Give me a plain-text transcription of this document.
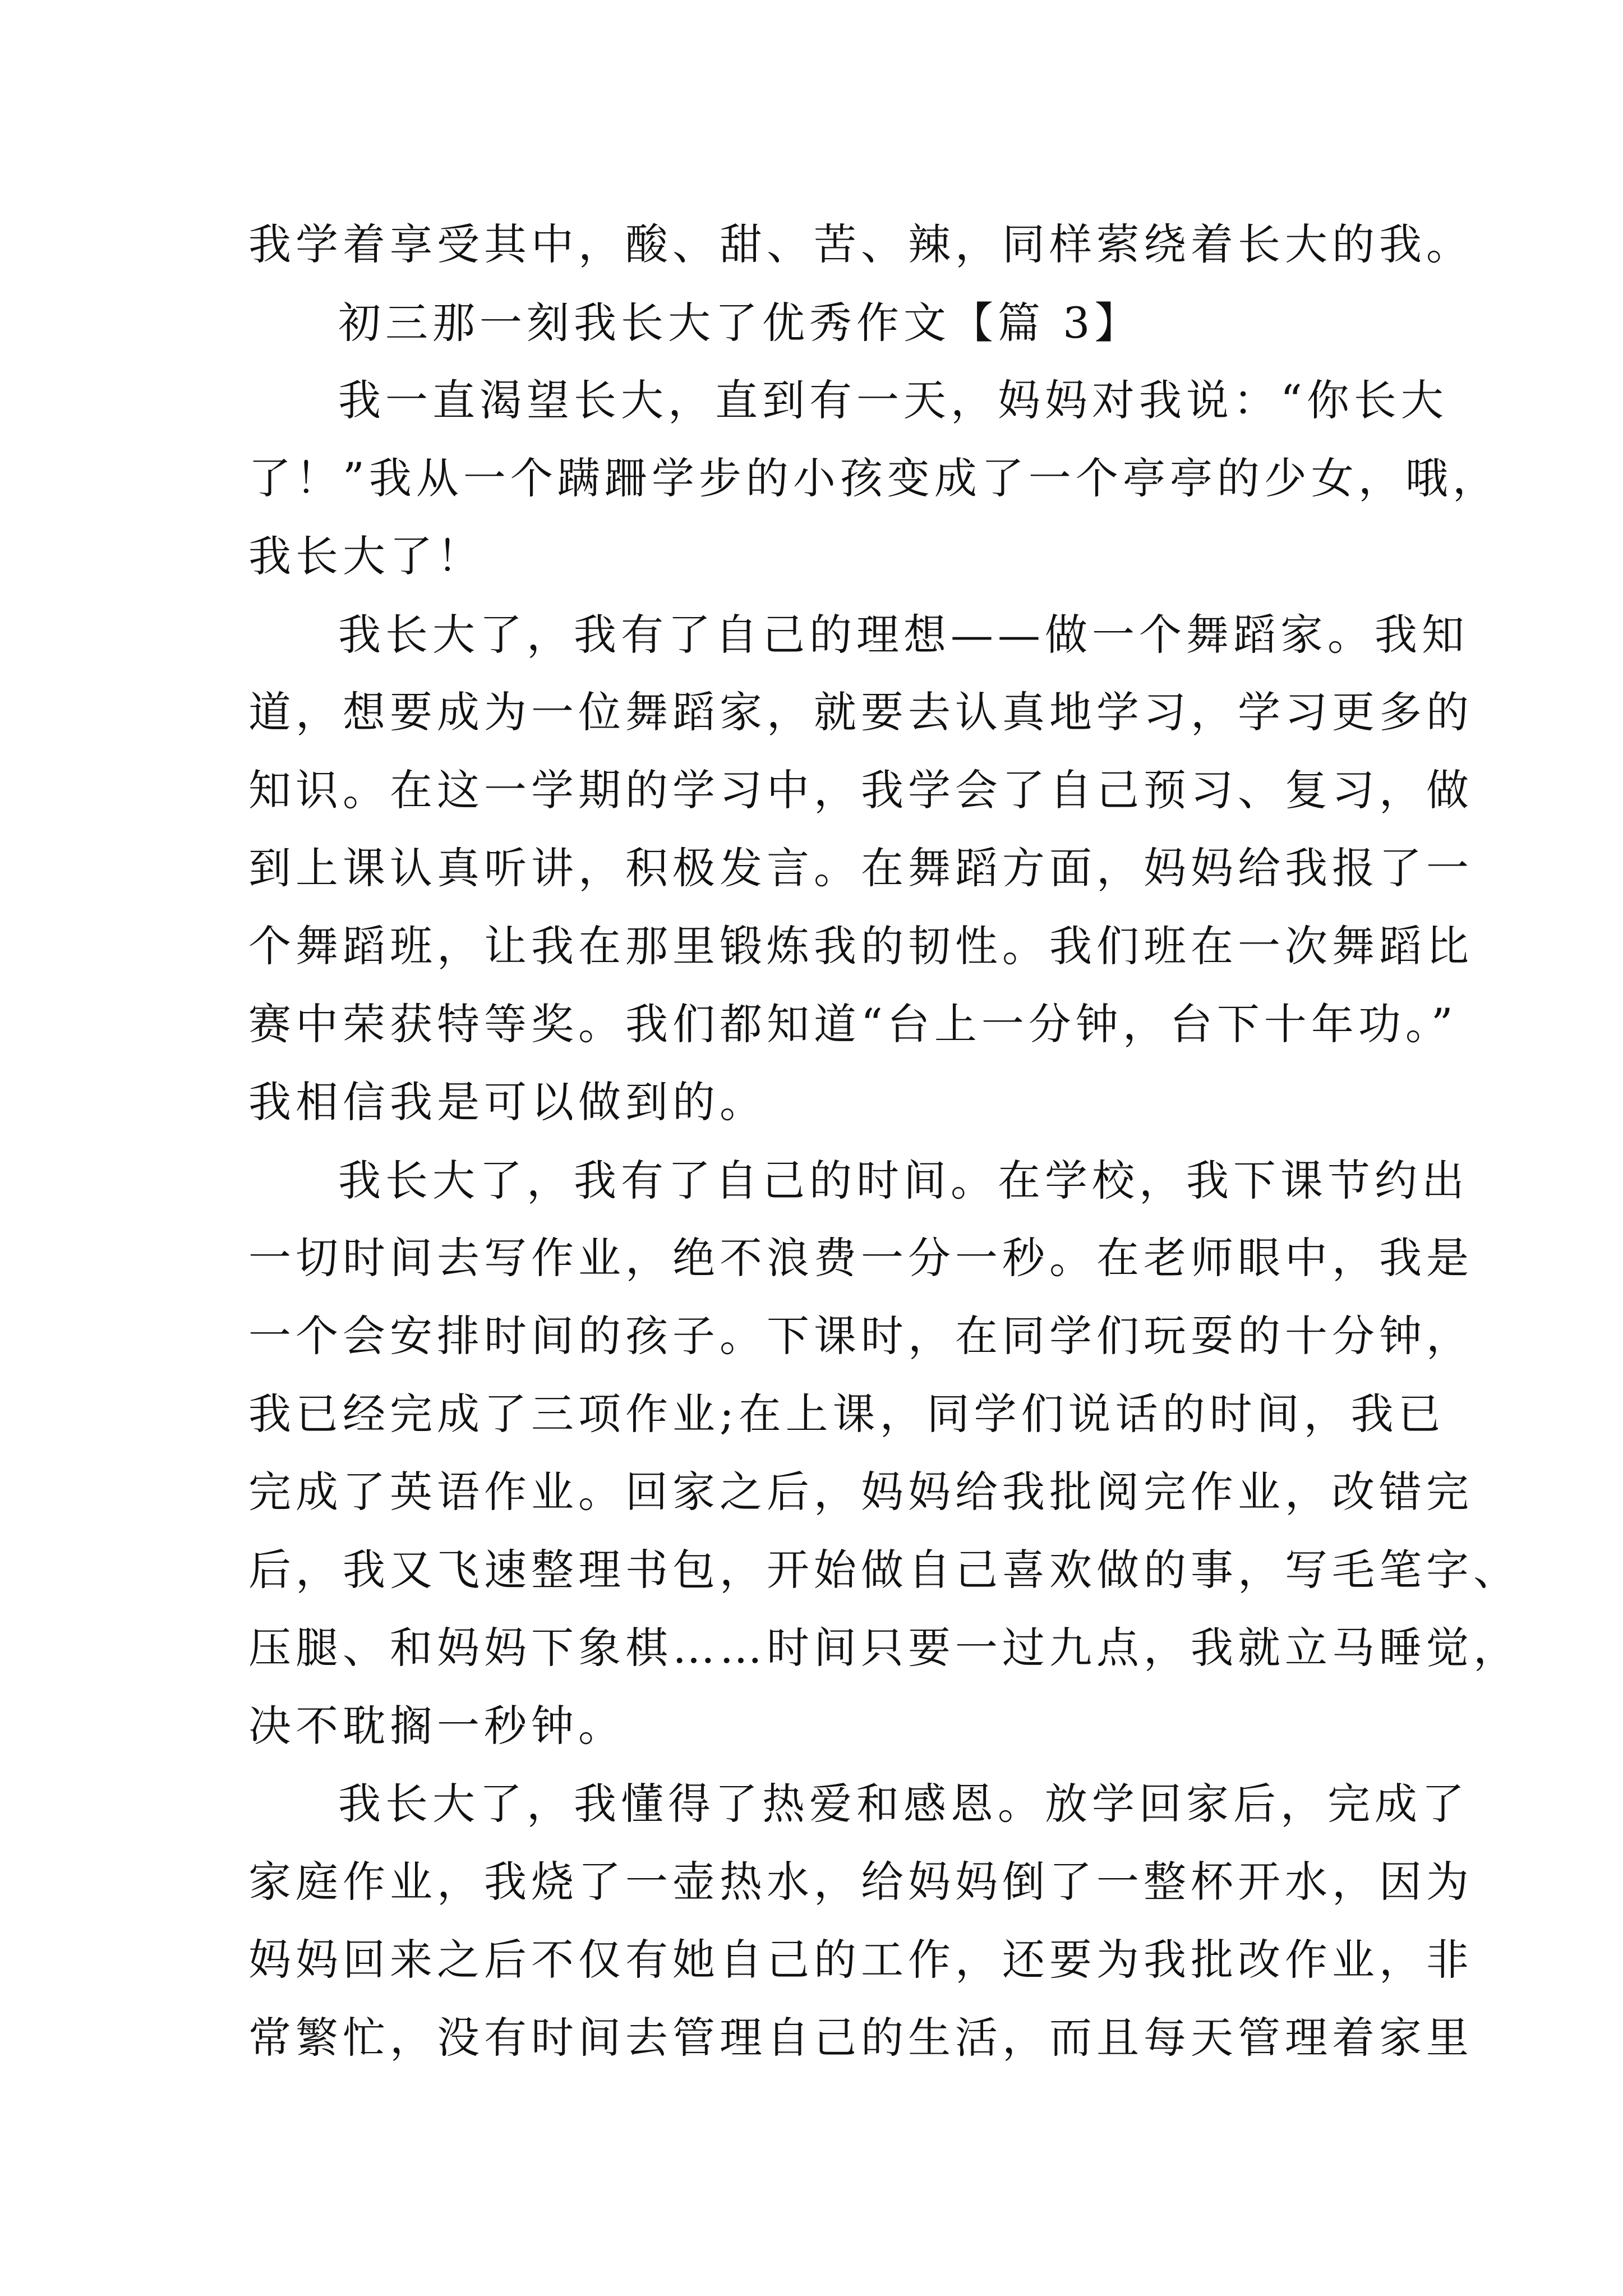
我学着享受其中，酸、甜、苦、辣，同样萦绕着长大的我。
初三那一刻我长大了优秀作文【篇 3】
我一直渴望长大，直到有一天，妈妈对我说：“你长大
了！”我从一个蹒跚学步的小孩变成了一个亭亭的少女，哦，
我长大了！
我长大了，我有了自己的理想——做一个舞蹈家。我知
道，想要成为一位舞蹈家，就要去认真地学习，学习更多的
知识。在这一学期的学习中，我学会了自己预习、复习，做
到上课认真听讲，积极发言。在舞蹈方面，妈妈给我报了一
个舞蹈班，让我在那里锻炼我的韧性。我们班在一次舞蹈比
赛中荣获特等奖。我们都知道“台上一分钟，台下十年功。”
我相信我是可以做到的。
我长大了，我有了自己的时间。在学校，我下课节约出
一切时间去写作业，绝不浪费一分一秒。在老师眼中，我是
一个会安排时间的孩子。下课时，在同学们玩耍的十分钟，
我已经完成了三项作业;在上课，同学们说话的时间，我已
完成了英语作业。回家之后，妈妈给我批阅完作业，改错完
后，我又飞速整理书包，开始做自己喜欢做的事，写毛笔字、
压腿、和妈妈下象棋……时间只要一过九点，我就立马睡觉，
决不耽搁一秒钟。
我长大了，我懂得了热爱和感恩。放学回家后，完成了
家庭作业，我烧了一壶热水，给妈妈倒了一整杯开水，因为
妈妈回来之后不仅有她自己的工作，还要为我批改作业，非
常繁忙，没有时间去管理自己的生活，而且每天管理着家里
